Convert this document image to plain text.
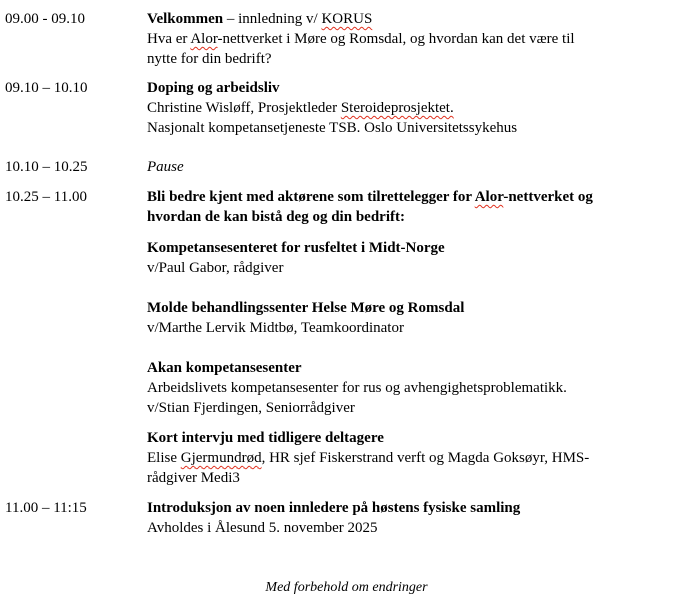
09.00 - 09.10	Velkommen – innledning v/ KORUS
Hva er Alor-nettverket i Møre og Romsdal, og hvordan kan det være til
nytte for din bedrift?
09.10 – 10.10	Doping og arbeidsliv
Christine Wisløff, Prosjektleder Steroideprosjektet.
Nasjonalt kompetansetjeneste TSB. Oslo Universitetssykehus
10.10 – 10.25	Pause
10.25 – 11.00	Bli bedre kjent med aktørene som tilrettelegger for Alor-nettverket og
hvordan de kan bistå deg og din bedrift:
Kompetansesenteret for rusfeltet i Midt-Norge
v/Paul Gabor, rådgiver
Molde behandlingssenter Helse Møre og Romsdal
v/Marthe Lervik Midtbø, Teamkoordinator
Akan kompetansesenter
Arbeidslivets kompetansesenter for rus og avhengighetsproblematikk.
v/Stian Fjerdingen, Seniorrådgiver
Kort intervju med tidligere deltagere
Elise Gjermundrød, HR sjef Fiskerstrand verft og Magda Goksøyr, HMS-
rådgiver Medi3
11.00 – 11:15	Introduksjon av noen innledere på høstens fysiske samling
Avholdes i Ålesund 5. november 2025
Med forbehold om endringer
